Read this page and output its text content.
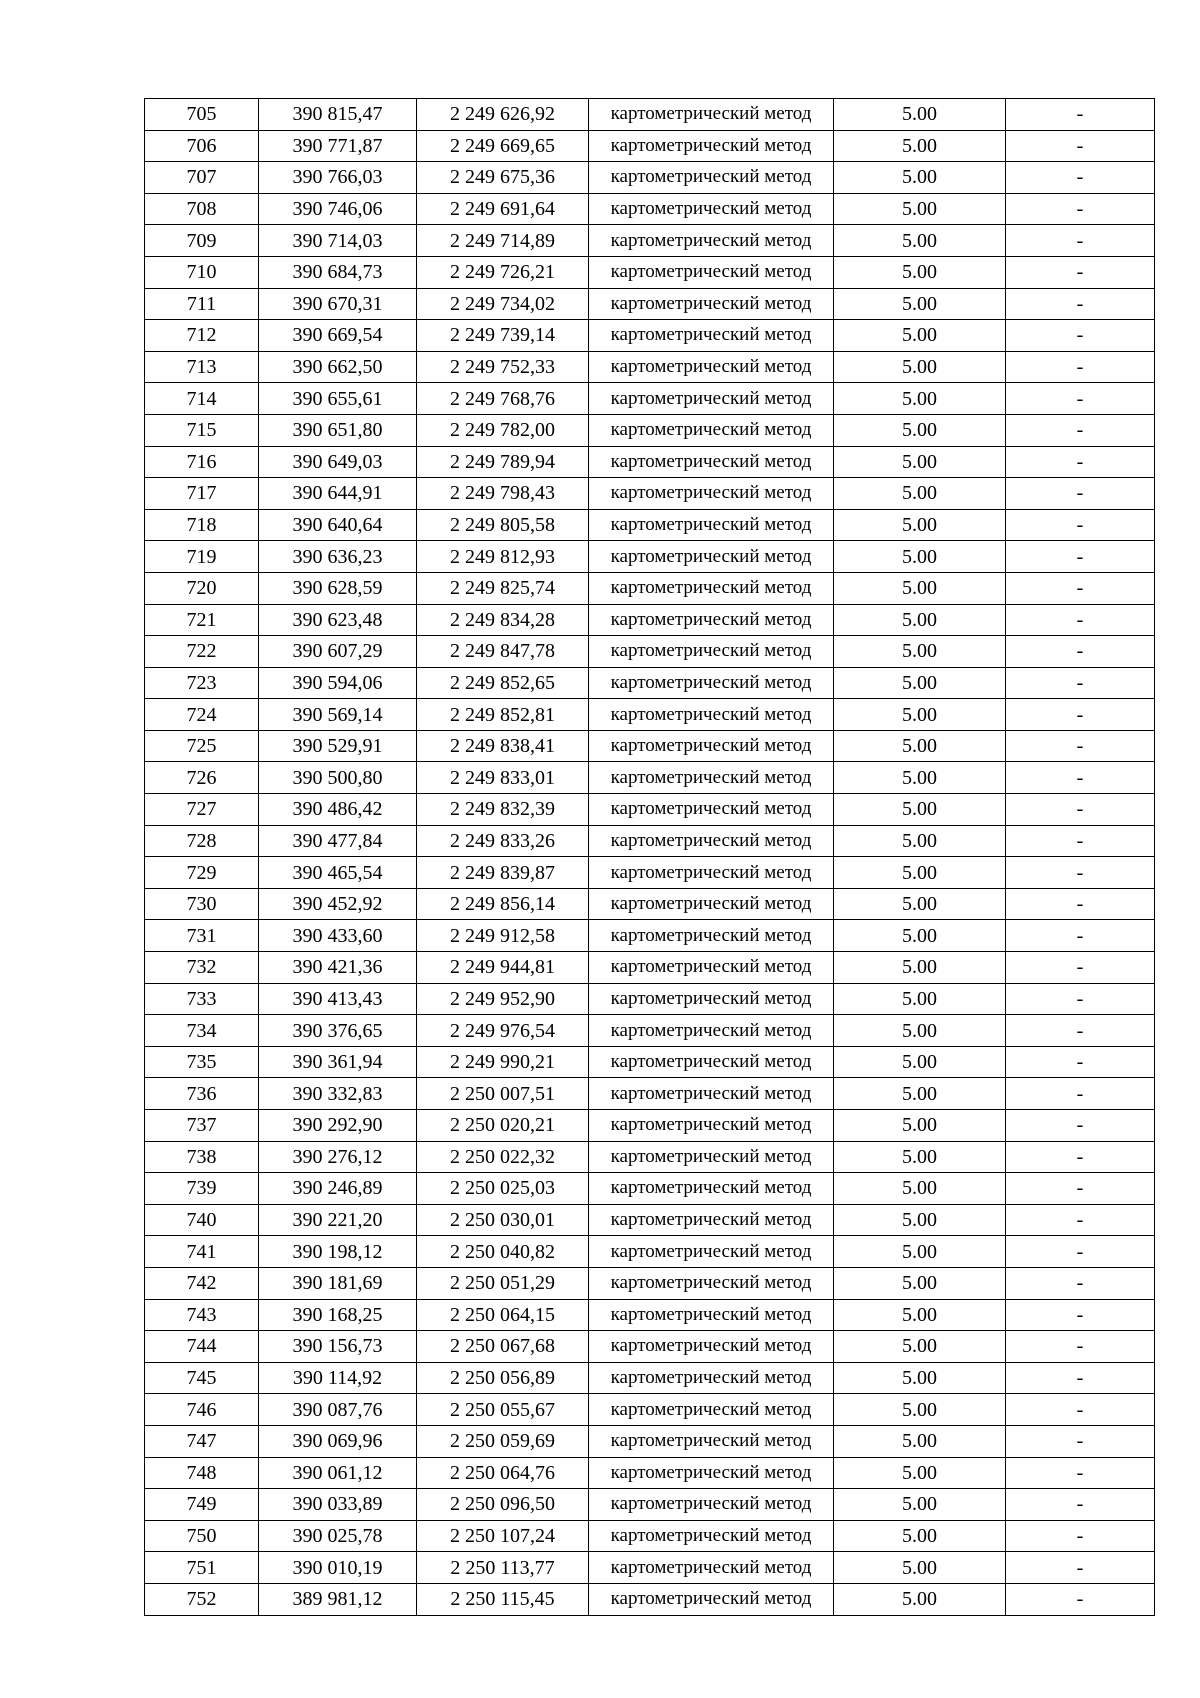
705	390 815,47	2 249 626,92	картометрический метод	5.00	-
706	390 771,87	2 249 669,65	картометрический метод	5.00	-
707	390 766,03	2 249 675,36	картометрический метод	5.00	-
708	390 746,06	2 249 691,64	картометрический метод	5.00	-
709	390 714,03	2 249 714,89	картометрический метод	5.00	-
710	390 684,73	2 249 726,21	картометрический метод	5.00	-
711	390 670,31	2 249 734,02	картометрический метод	5.00	-
712	390 669,54	2 249 739,14	картометрический метод	5.00	-
713	390 662,50	2 249 752,33	картометрический метод	5.00	-
714	390 655,61	2 249 768,76	картометрический метод	5.00	-
715	390 651,80	2 249 782,00	картометрический метод	5.00	-
716	390 649,03	2 249 789,94	картометрический метод	5.00	-
717	390 644,91	2 249 798,43	картометрический метод	5.00	-
718	390 640,64	2 249 805,58	картометрический метод	5.00	-
719	390 636,23	2 249 812,93	картометрический метод	5.00	-
720	390 628,59	2 249 825,74	картометрический метод	5.00	-
721	390 623,48	2 249 834,28	картометрический метод	5.00	-
722	390 607,29	2 249 847,78	картометрический метод	5.00	-
723	390 594,06	2 249 852,65	картометрический метод	5.00	-
724	390 569,14	2 249 852,81	картометрический метод	5.00	-
725	390 529,91	2 249 838,41	картометрический метод	5.00	-
726	390 500,80	2 249 833,01	картометрический метод	5.00	-
727	390 486,42	2 249 832,39	картометрический метод	5.00	-
728	390 477,84	2 249 833,26	картометрический метод	5.00	-
729	390 465,54	2 249 839,87	картометрический метод	5.00	-
730	390 452,92	2 249 856,14	картометрический метод	5.00	-
731	390 433,60	2 249 912,58	картометрический метод	5.00	-
732	390 421,36	2 249 944,81	картометрический метод	5.00	-
733	390 413,43	2 249 952,90	картометрический метод	5.00	-
734	390 376,65	2 249 976,54	картометрический метод	5.00	-
735	390 361,94	2 249 990,21	картометрический метод	5.00	-
736	390 332,83	2 250 007,51	картометрический метод	5.00	-
737	390 292,90	2 250 020,21	картометрический метод	5.00	-
738	390 276,12	2 250 022,32	картометрический метод	5.00	-
739	390 246,89	2 250 025,03	картометрический метод	5.00	-
740	390 221,20	2 250 030,01	картометрический метод	5.00	-
741	390 198,12	2 250 040,82	картометрический метод	5.00	-
742	390 181,69	2 250 051,29	картометрический метод	5.00	-
743	390 168,25	2 250 064,15	картометрический метод	5.00	-
744	390 156,73	2 250 067,68	картометрический метод	5.00	-
745	390 114,92	2 250 056,89	картометрический метод	5.00	-
746	390 087,76	2 250 055,67	картометрический метод	5.00	-
747	390 069,96	2 250 059,69	картометрический метод	5.00	-
748	390 061,12	2 250 064,76	картометрический метод	5.00	-
749	390 033,89	2 250 096,50	картометрический метод	5.00	-
750	390 025,78	2 250 107,24	картометрический метод	5.00	-
751	390 010,19	2 250 113,77	картометрический метод	5.00	-
752	389 981,12	2 250 115,45	картометрический метод	5.00	-
